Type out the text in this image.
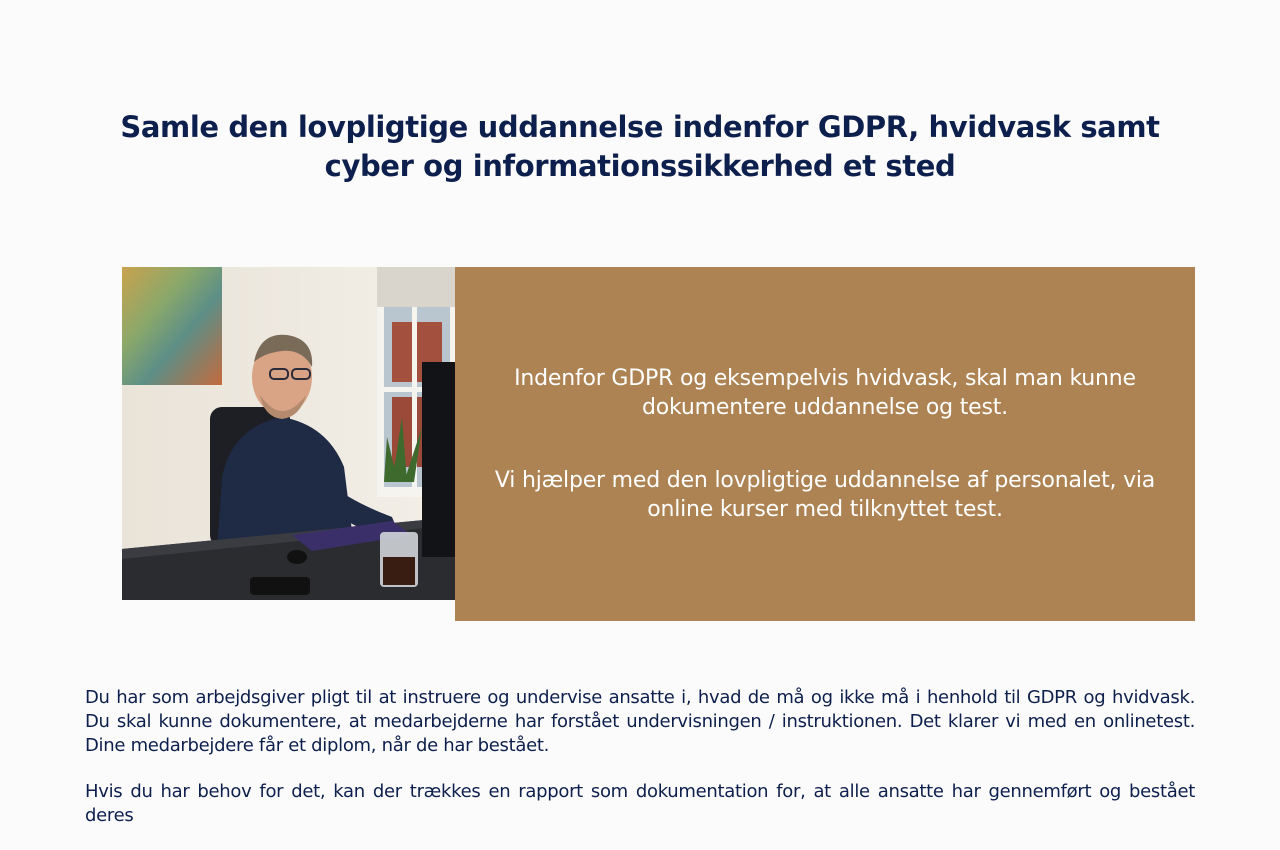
Samle den lovpligtige uddannelse indenfor GDPR, hvidvask samt cyber og informationssikkerhed et sted

Indenfor GDPR og eksempelvis hvidvask, skal man kunne dokumentere uddannelse og test.

Vi hjælper med den lovpligtige uddannelse af personalet, via online kurser med tilknyttet test.

Du har som arbejdsgiver pligt til at instruere og undervise ansatte i, hvad de må og ikke må i henhold til GDPR og hvidvask. Du skal kunne dokumentere, at medarbejderne har forstået undervisningen / instruktionen. Det klarer vi med en onlinetest. Dine medarbejdere får et diplom, når de har bestået.

Hvis du har behov for det, kan der trækkes en rapport som dokumentation for, at alle ansatte har gennemført og bestået deres
